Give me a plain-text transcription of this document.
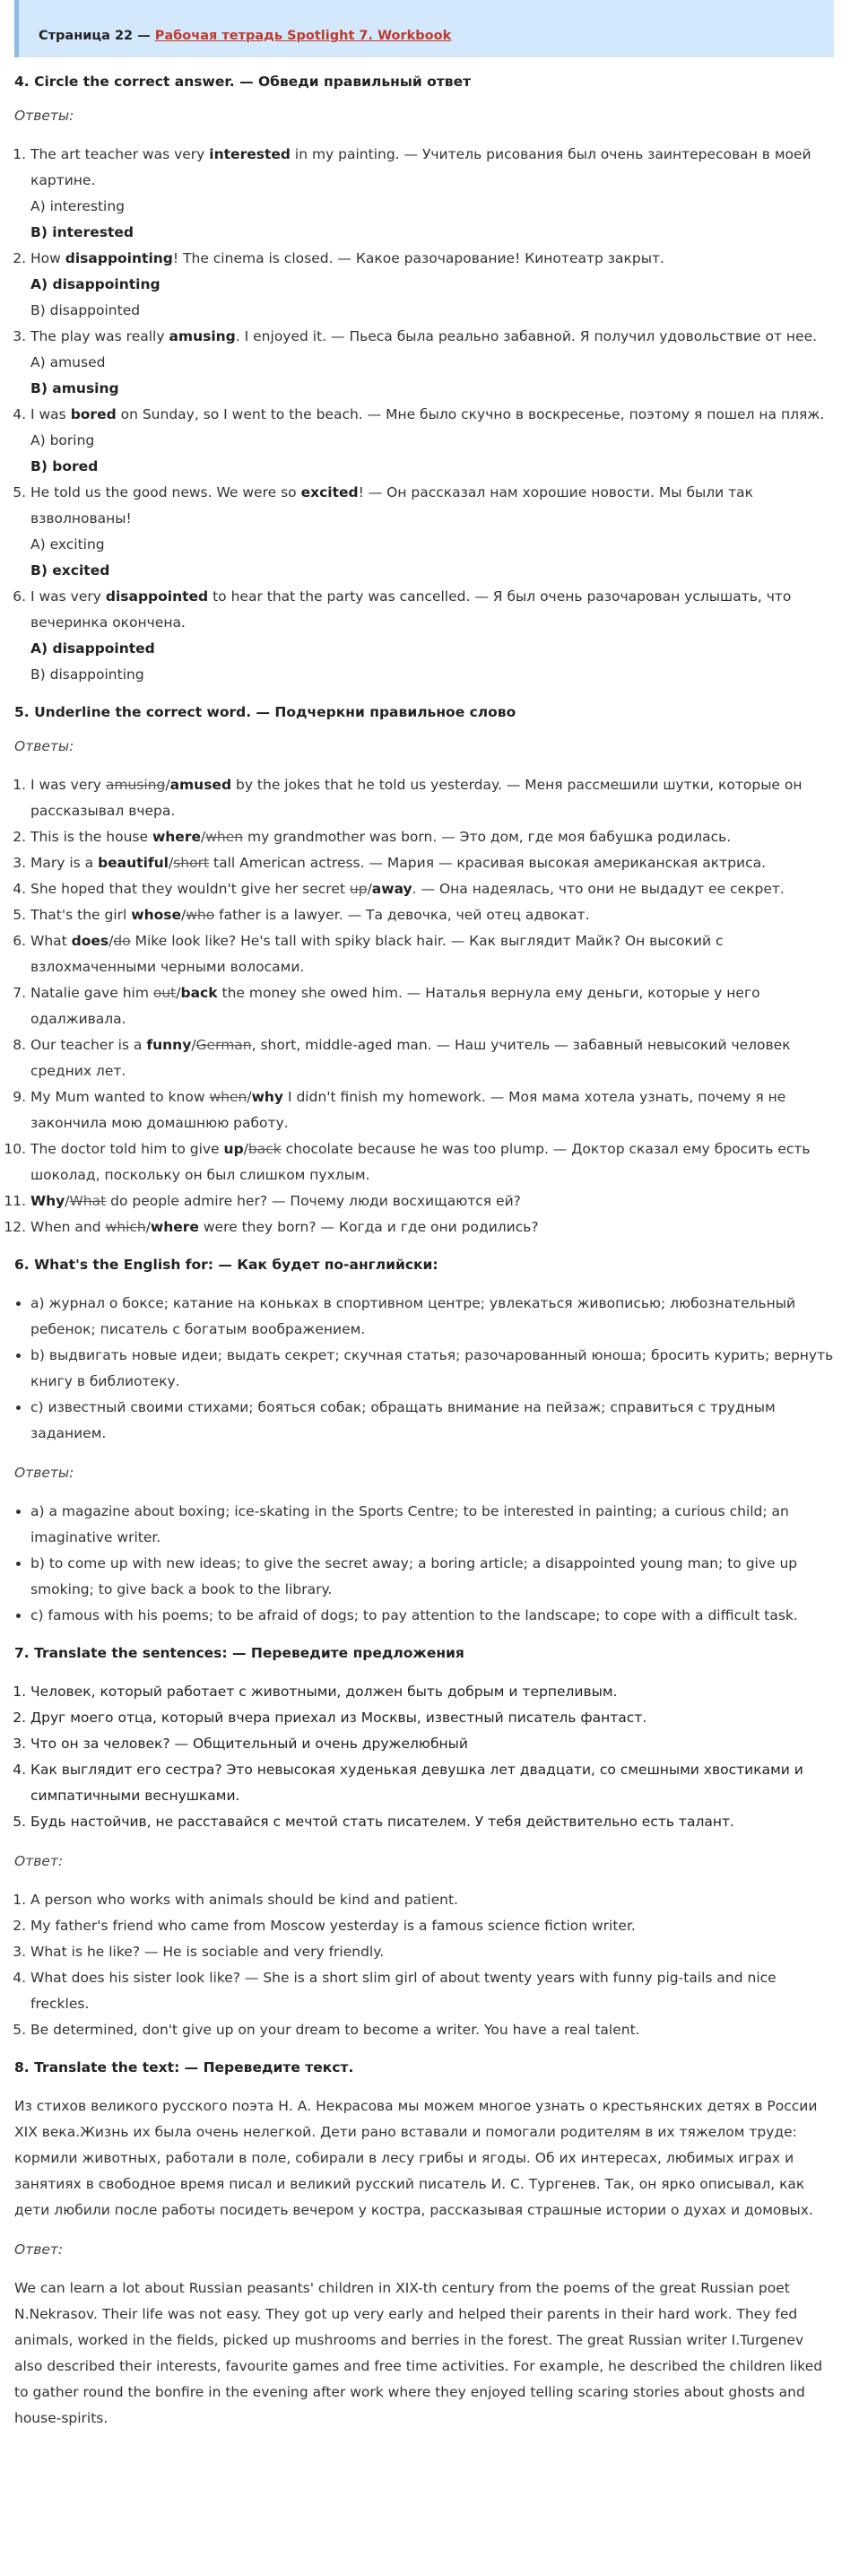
Страница 22 — Рабочая тетрадь Spotlight 7. Workbook
4. Circle the correct answer. — Обведи правильный ответ

Ответы:

1. The art teacher was very interested in my painting. — Учитель рисования был очень заинтересован в моей картине.
A) interesting
B) interested
2. How disappointing! The cinema is closed. — Какое разочарование! Кинотеатр закрыт.
A) disappointing
B) disappointed
3. The play was really amusing. I enjoyed it. — Пьеса была реально забавной. Я получил удовольствие от нее.
A) amused
B) amusing
4. I was bored on Sunday, so I went to the beach. — Мне было скучно в воскресенье, поэтому я пошел на пляж.
A) boring
B) bored
5. He told us the good news. We were so excited! — Он рассказал нам хорошие новости. Мы были так взволнованы!
A) exciting
B) excited
6. I was very disappointed to hear that the party was cancelled. — Я был очень разочарован услышать, что вечеринка окончена.
A) disappointed
B) disappointing
5. Underline the correct word. — Подчеркни правильное слово

Ответы:

1. I was very amusing/amused by the jokes that he told us yesterday. — Меня рассмешили шутки, которые он рассказывал вчера.
2. This is the house where/when my grandmother was born. — Это дом, где моя бабушка родилась.
3. Mary is a beautiful/short tall American actress. — Мария — красивая высокая американская актриса.
4. She hoped that they wouldn't give her secret up/away. — Она надеялась, что они не выдадут ее секрет.
5. That's the girl whose/who father is a lawyer. — Та девочка, чей отец адвокат.
6. What does/do Mike look like? He's tall with spiky black hair. — Как выглядит Майк? Он высокий с взлохмаченными черными волосами.
7. Natalie gave him out/back the money she owed him. — Наталья вернула ему деньги, которые у него одалживала.
8. Our teacher is a funny/German, short, middle-aged man. — Наш учитель — забавный невысокий человек средних лет.
9. My Mum wanted to know when/why I didn't finish my homework. — Моя мама хотела узнать, почему я не закончила мою домашнюю работу.
10. The doctor told him to give up/back chocolate because he was too plump. — Доктор сказал ему бросить есть шоколад, поскольку он был слишком пухлым.
11. Why/What do people admire her? — Почему люди восхищаются ей?
12. When and which/where were they born? — Когда и где они родились?
6. What's the English for: — Как будет по-английски:
• a) журнал о боксе; катание на коньках в спортивном центре; увлекаться живописью; любознательный ребенок; писатель с богатым воображением.
• b) выдвигать новые идеи; выдать секрет; скучная статья; разочарованный юноша; бросить курить; вернуть книгу в библиотеку.
• c) известный своими стихами; бояться собак; обращать внимание на пейзаж; справиться с трудным заданием.

Ответы:

• a) a magazine about boxing; ice-skating in the Sports Centre; to be interested in painting; a curious child; an imaginative writer.
• b) to come up with new ideas; to give the secret away; a boring article; a disappointed young man; to give up smoking; to give back a book to the library.
• c) famous with his poems; to be afraid of dogs; to pay attention to the landscape; to cope with a difficult task.
7. Translate the sentences: — Переведите предложения
1. Человек, который работает с животными, должен быть добрым и терпеливым.
2. Друг моего отца, который вчера приехал из Москвы, известный писатель фантаст.
3. Что он за человек? — Общительный и очень дружелюбный
4. Как выглядит его сестра? Это невысокая худенькая девушка лет двадцати, со смешными хвостиками и симпатичными веснушками.
5. Будь настойчив, не расставайся с мечтой стать писателем. У тебя действительно есть талант.

Ответ:

1. A person who works with animals should be kind and patient.
2. My father's friend who came from Moscow yesterday is a famous science fiction writer.
3. What is he like? — He is sociable and very friendly.
4. What does his sister look like? — She is a short slim girl of about twenty years with funny pig-tails and nice freckles.
5. Be determined, don't give up on your dream to become a writer. You have a real talent.
8. Translate the text: — Переведите текст.

Из стихов великого русского поэта Н. А. Некрасова мы можем многое узнать о крестьянских детях в России XIX века.Жизнь их была очень нелегкой. Дети рано вставали и помогали родителям в их тяжелом труде: кормили животных, работали в поле, собирали в лесу грибы и ягоды. Об их интересах, любимых играх и занятиях в свободное время писал и великий русский писатель И. С. Тургенев. Так, он ярко описывал, как дети любили после работы посидеть вечером у костра, рассказывая страшные истории о духах и домовых.

Ответ:

We can learn a lot about Russian peasants' children in XIX-th century from the poems of the great Russian poet N.Nekrasov. Their life was not easy. They got up very early and helped their parents in their hard work. They fed animals, worked in the fields, picked up mushrooms and berries in the forest. The great Russian writer I.Turgenev also described their interests, favourite games and free time activities. For example, he described the children liked to gather round the bonfire in the evening after work where they enjoyed telling scaring stories about ghosts and house-spirits.
